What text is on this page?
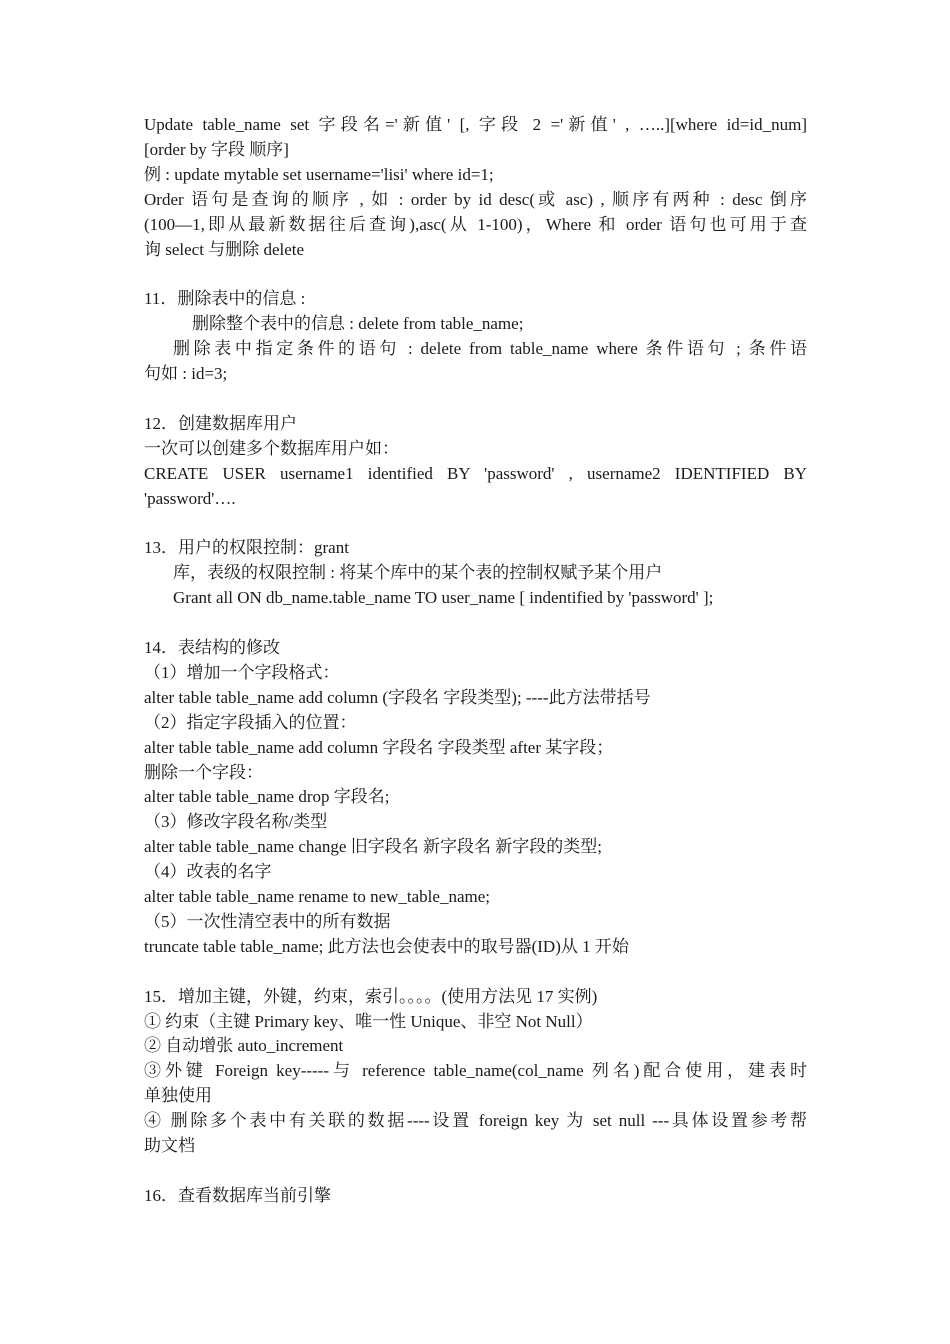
Update table_name set 字段名='新值' [, 字段 2 ='新值' , …..][where id=id_num]
[order by 字段 顺序]
例 : update mytable set username='lisi' where id=1;
Order 语句是查询的顺序 , 如 : order by id desc(或 asc) , 顺序有两种 : desc 倒序
(100—1,即从最新数据往后查询),asc(从 1-100)，Where 和 order 语句也可用于查
询 select 与删除 delete
11．删除表中的信息 :
删除整个表中的信息 : delete from table_name;
删除表中指定条件的语句 : delete from table_name where 条件语句 ; 条件语
句如 : id=3;
12．创建数据库用户
一次可以创建多个数据库用户如：
CREATE USER username1 identified BY 'password' , username2 IDENTIFIED BY
'password'….
13．用户的权限控制：grant
库，表级的权限控制 : 将某个库中的某个表的控制权赋予某个用户
Grant all ON db_name.table_name TO user_name [ indentified by 'password' ];
14．表结构的修改
（1）增加一个字段格式：
alter table table_name add column (字段名 字段类型); ----此方法带括号
（2）指定字段插入的位置：
alter table table_name add column 字段名 字段类型 after 某字段；
删除一个字段：
alter table table_name drop 字段名;
（3）修改字段名称/类型
alter table table_name change 旧字段名 新字段名 新字段的类型;
（4）改表的名字
alter table table_name rename to new_table_name;
（5）一次性清空表中的所有数据
truncate table table_name; 此方法也会使表中的取号器(ID)从 1 开始
15．增加主键，外键，约束，索引。。。。(使用方法见 17 实例)
① 约束（主键 Primary key、唯一性 Unique、非空 Not Null）
② 自动增张 auto_increment
③外键 Foreign key-----与 reference table_name(col_name 列名)配合使用，建表时
单独使用
④ 删除多个表中有关联的数据----设置 foreign key 为 set null ---具体设置参考帮
助文档
16．查看数据库当前引擎
